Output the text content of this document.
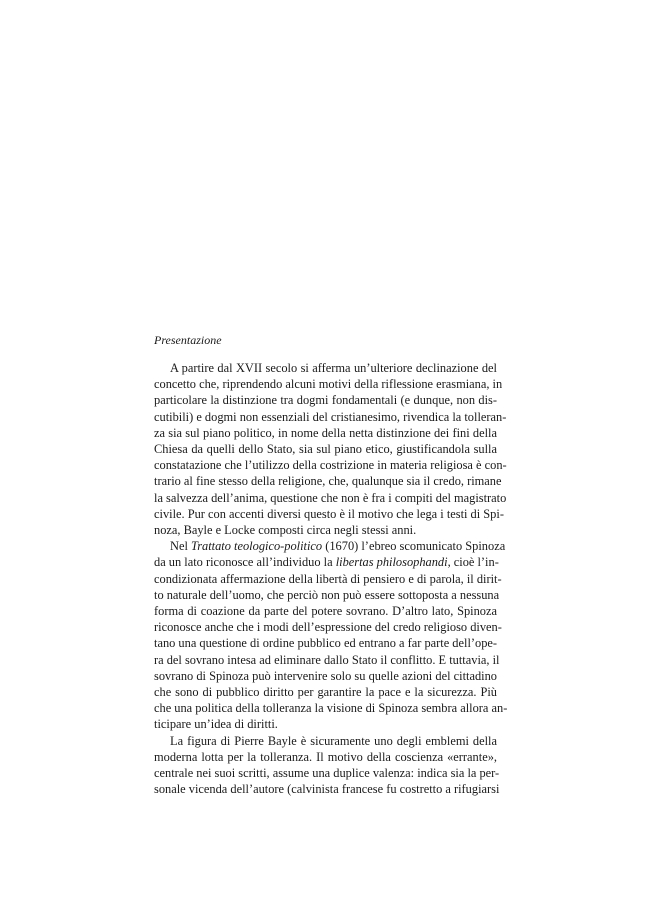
Presentazione
A partire dal XVII secolo si afferma un’ulteriore declinazione del
concetto che, riprendendo alcuni motivi della riflessione erasmiana, in
particolare la distinzione tra dogmi fondamentali (e dunque, non dis-
cutibili) e dogmi non essenziali del cristianesimo, rivendica la tolleran-
za sia sul piano politico, in nome della netta distinzione dei fini della
Chiesa da quelli dello Stato, sia sul piano etico, giustificandola sulla
constatazione che l’utilizzo della costrizione in materia religiosa è con-
trario al fine stesso della religione, che, qualunque sia il credo, rimane
la salvezza dell’anima, questione che non è fra i compiti del magistrato
civile. Pur con accenti diversi questo è il motivo che lega i testi di Spi-
noza, Bayle e Locke composti circa negli stessi anni.
Nel Trattato teologico-politico (1670) l’ebreo scomunicato Spinoza
da un lato riconosce all’individuo la libertas philosophandi, cioè l’in-
condizionata affermazione della libertà di pensiero e di parola, il dirit-
to naturale dell’uomo, che perciò non può essere sottoposta a nessuna
forma di coazione da parte del potere sovrano. D’altro lato, Spinoza
riconosce anche che i modi dell’espressione del credo religioso diven-
tano una questione di ordine pubblico ed entrano a far parte dell’ope-
ra del sovrano intesa ad eliminare dallo Stato il conflitto. E tuttavia, il
sovrano di Spinoza può intervenire solo su quelle azioni del cittadino
che sono di pubblico diritto per garantire la pace e la sicurezza. Più
che una politica della tolleranza la visione di Spinoza sembra allora an-
ticipare un’idea di diritti.
La figura di Pierre Bayle è sicuramente uno degli emblemi della
moderna lotta per la tolleranza. Il motivo della coscienza «errante»,
centrale nei suoi scritti, assume una duplice valenza: indica sia la per-
sonale vicenda dell’autore (calvinista francese fu costretto a rifugiarsi
